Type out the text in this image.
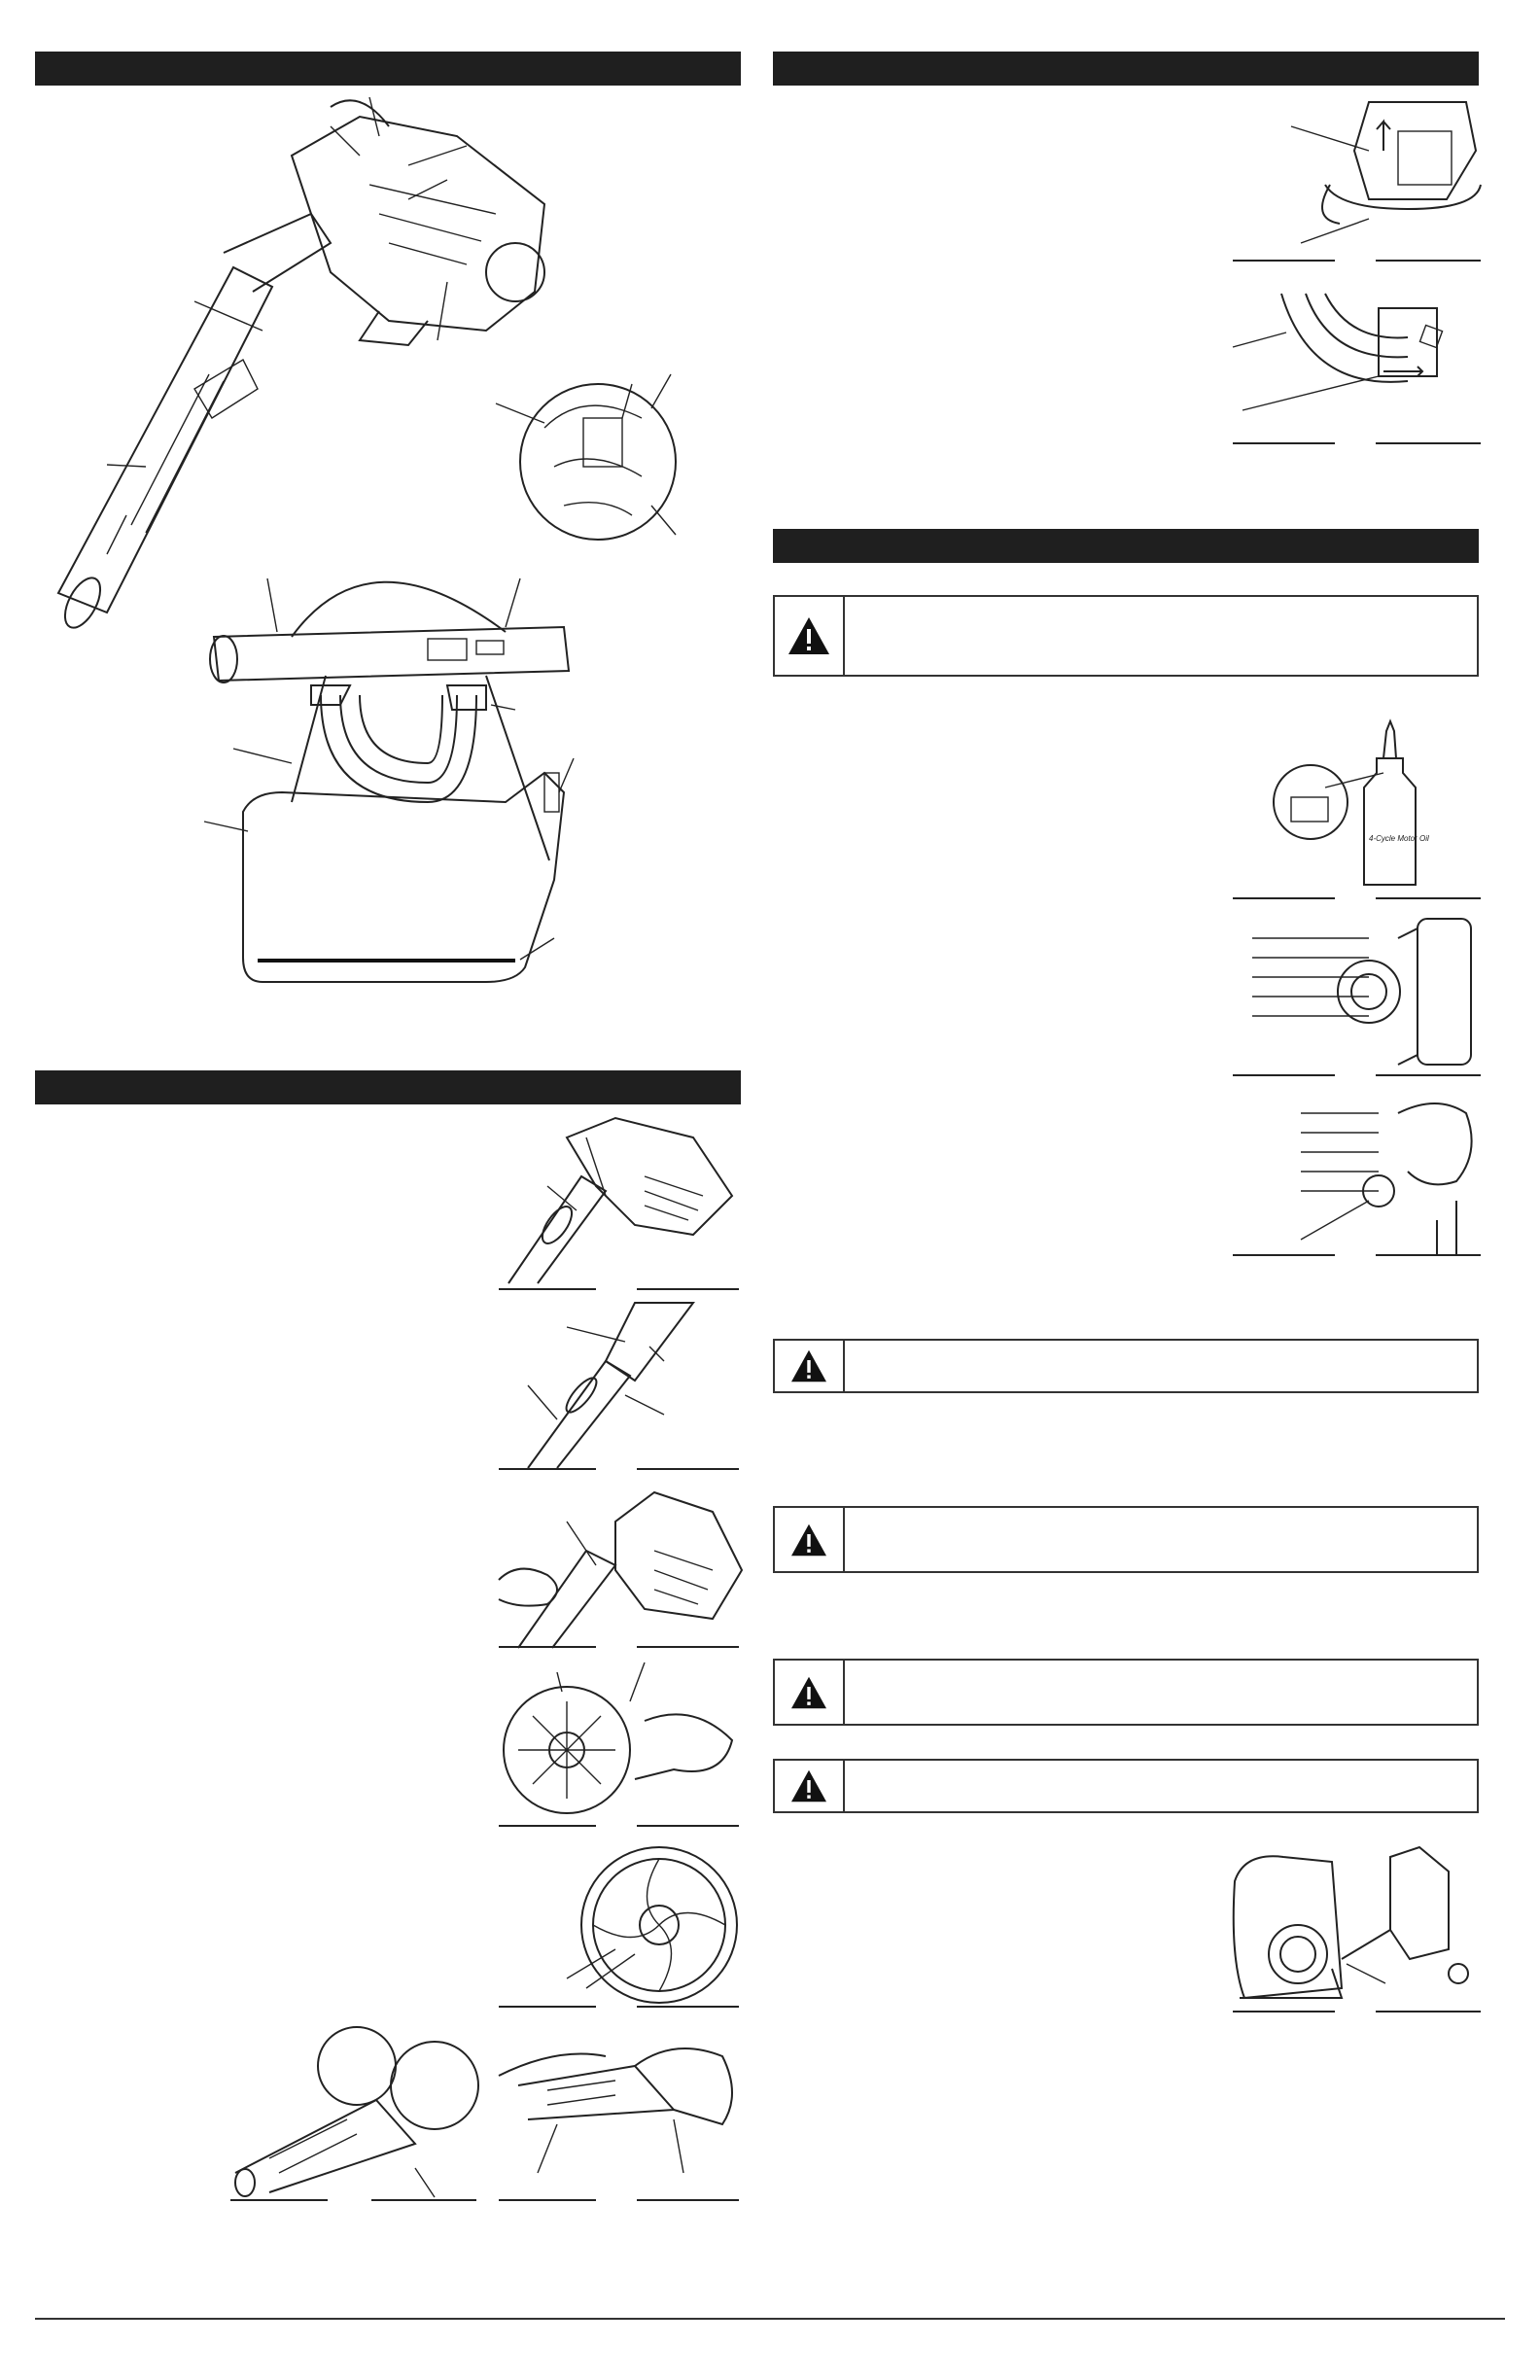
4-Cycle Motor Oil
